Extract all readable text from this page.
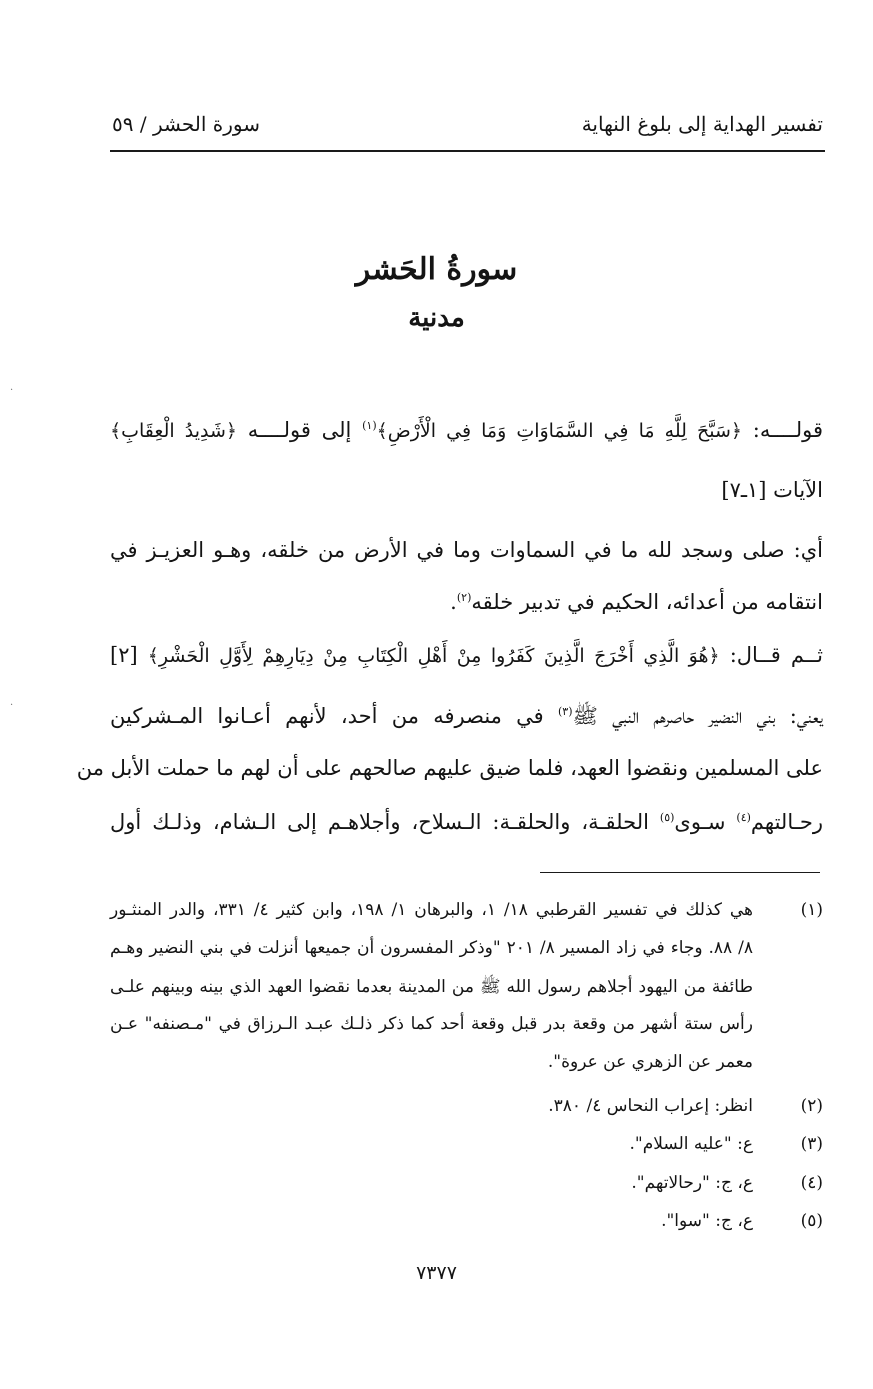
تفسير الهداية إلى بلوغ النهاية
سورة الحشر / ٥٩
سورةُ الحَشر
مدنية
قولــــه: ﴿سَبَّحَ لِلَّهِ مَا فِي السَّمَاوَاتِ وَمَا فِي الْأَرْضِ﴾$^{(١)}$ إلى قولــــه ﴿شَدِيدُ الْعِقَابِ﴾
الآيات [١ـ٧]
أي: صلى وسجد لله ما في السماوات وما في الأرض من خلقه، وهـو العزيـز في
انتقامه من أعدائه، الحكيم في تدبير خلقه$^{(٢)}$.
ثــم قــال: ﴿هُوَ الَّذِي أَخْرَجَ الَّذِينَ كَفَرُوا مِنْ أَهْلِ الْكِتَابِ مِنْ دِيَارِهِمْ لِأَوَّلِ الْحَشْرِ﴾ [٢]
يعني: بني النضير حاصرهم النبي ﷺ$^{(٣)}$ في منصرفه من أحد، لأنهم أعـانوا المـشركين
على المسلمين ونقضوا العهد، فلما ضيق عليهم صالحهم على أن لهم ما حملت الأبل من
رحـالتهم$^{(٤)}$ سـوى$^{(٥)}$ الحلقـة، والحلقـة: الـسلاح، وأجلاهـم إلى الـشام، وذلـك أول
(١)
هي كذلك في تفسير القرطبي ١٨/ ١، والبرهان ١/ ١٩٨، وابن كثير ٤/ ٣٣١، والدر المنثـور
٨/ ٨٨. وجاء في زاد المسير ٨/ ٢٠١ "وذكر المفسرون أن جميعها أنزلت في بني النضير وهـم
طائفة من اليهود أجلاهم رسول الله ﷺ من المدينة بعدما نقضوا العهد الذي بينه وبينهم علـى
رأس ستة أشهر من وقعة بدر قبل وقعة أحد كما ذكر ذلـك عبـد الـرزاق في "مـصنفه" عـن
معمر عن الزهري عن عروة".
(٢)
انظر: إعراب النحاس ٤/ ٣٨٠.
(٣)
ع: "عليه السلام".
(٤)
ع، ج: "رحالاتهم".
(٥)
ع، ج: "سوا".
٧٣٧٧
·
·
